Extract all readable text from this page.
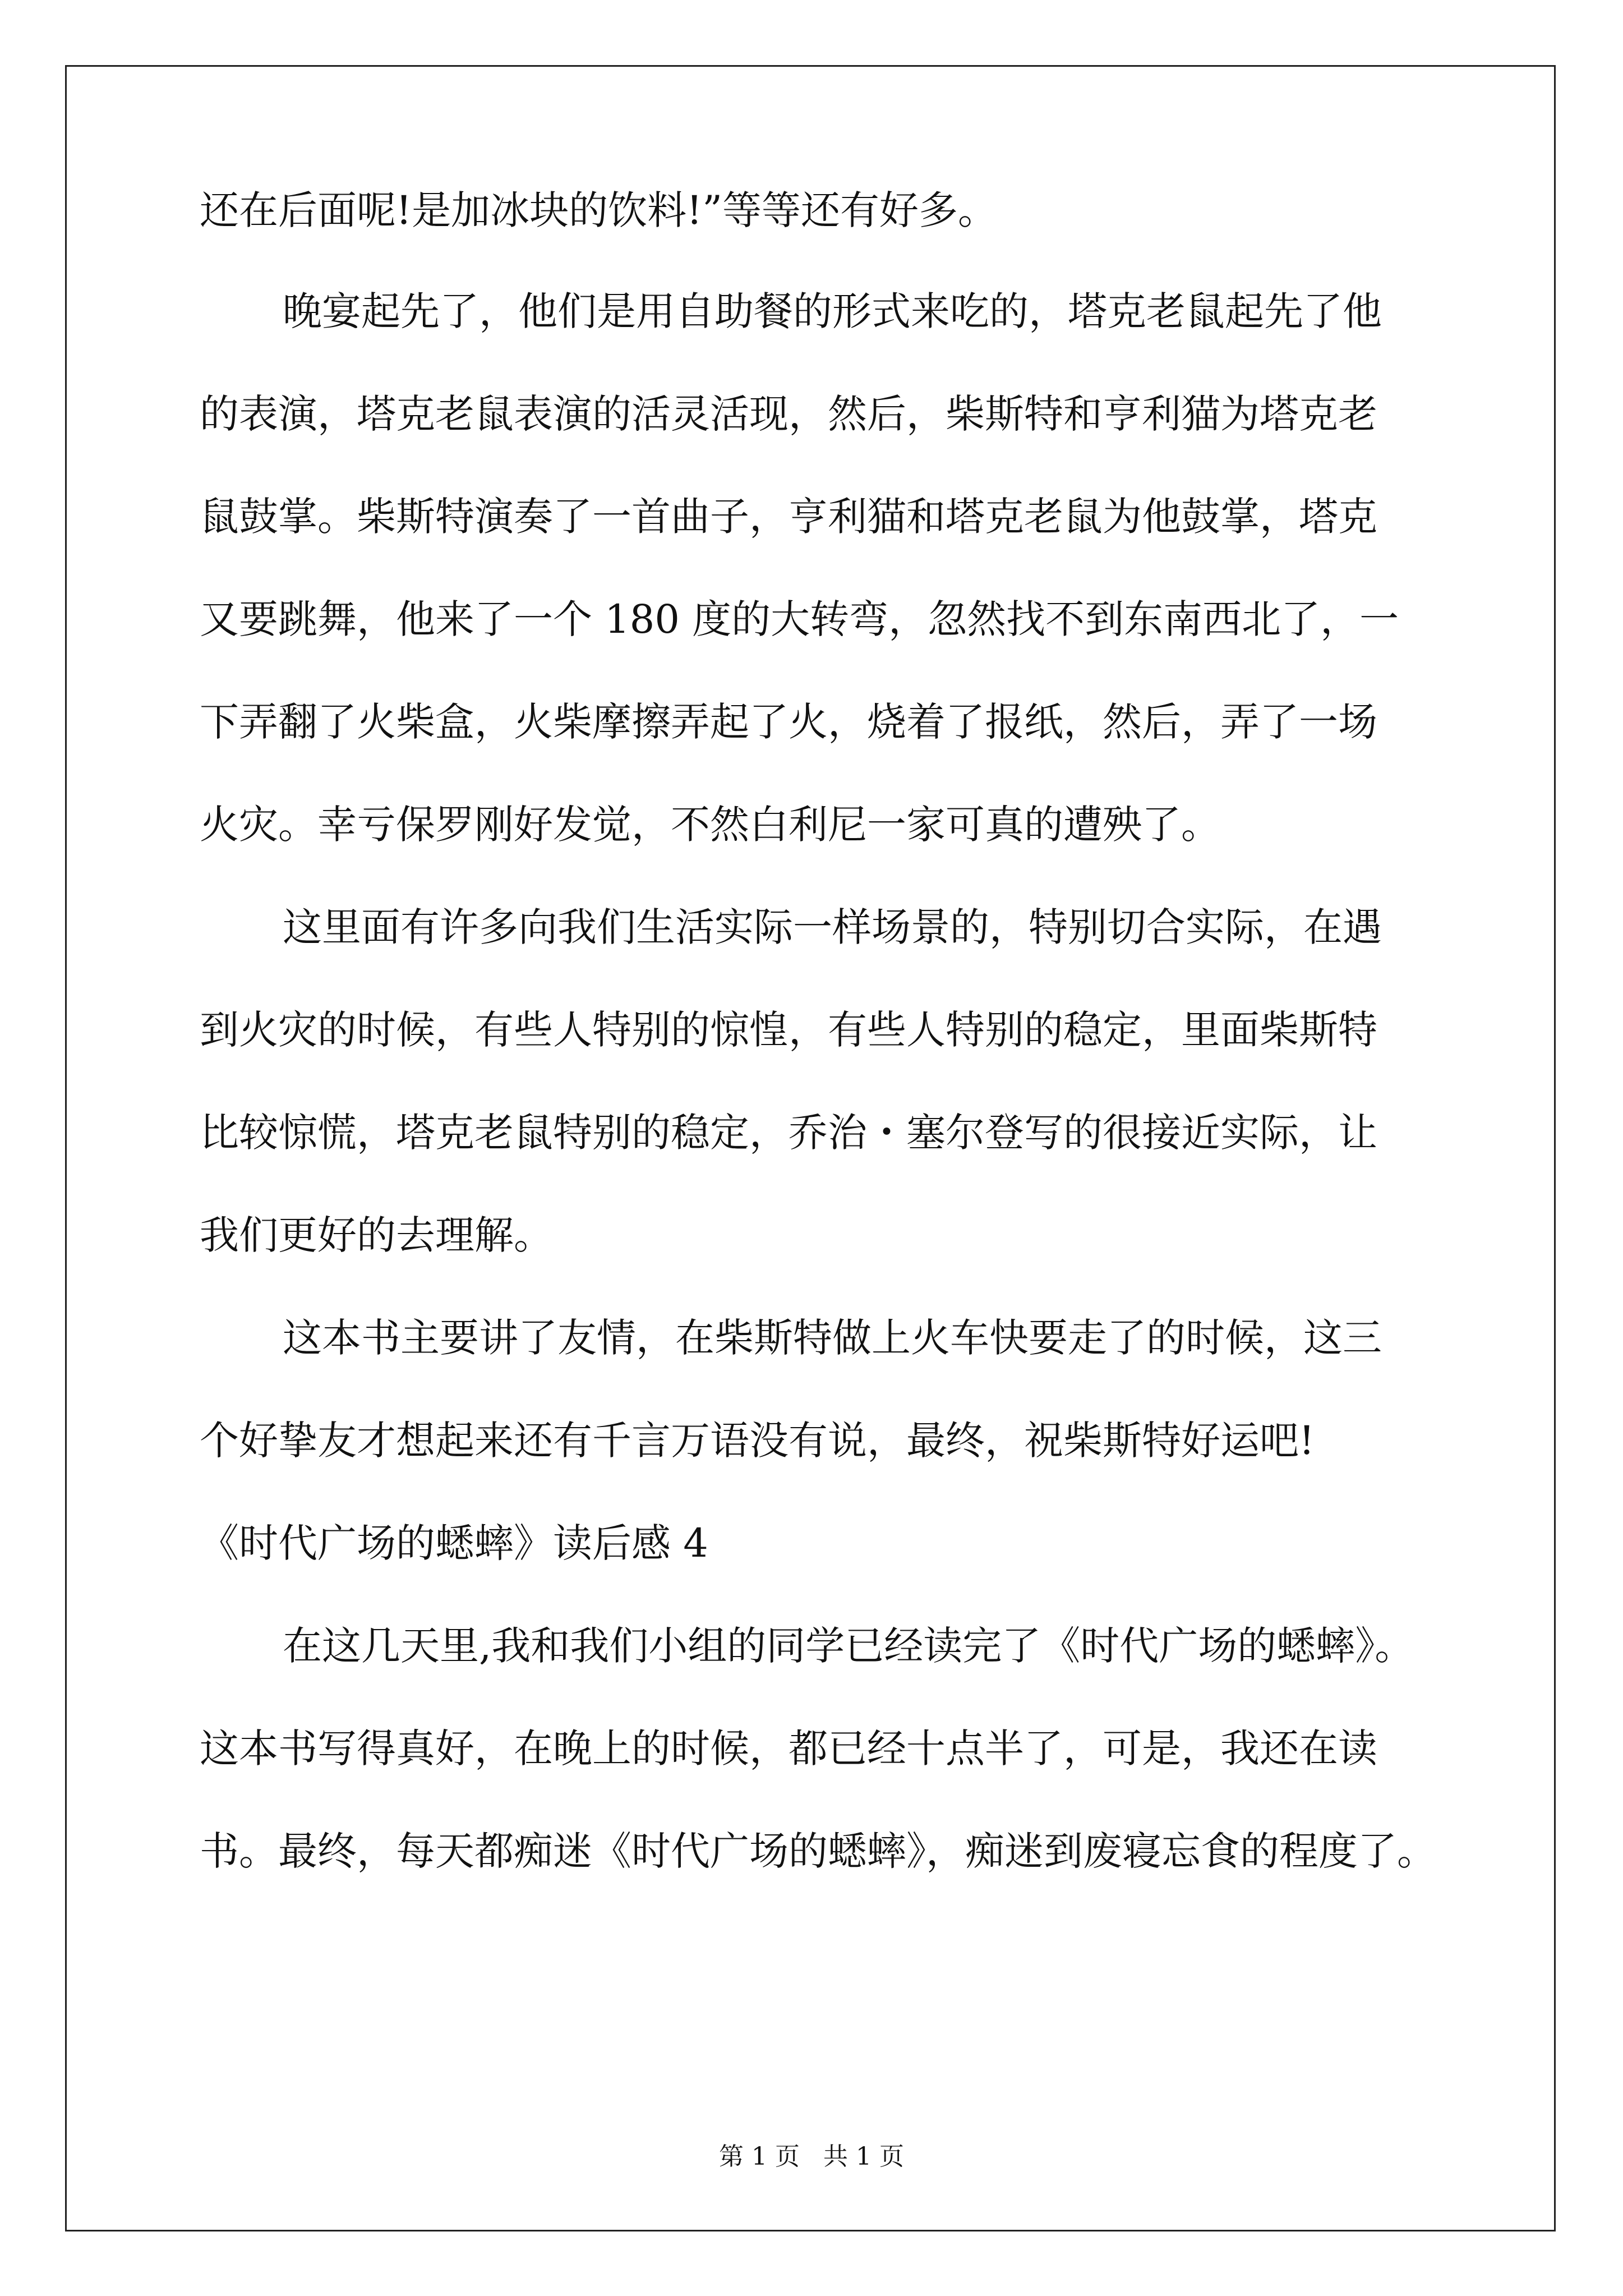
还在后面呢!是加冰块的饮料!”等等还有好多。
晚宴起先了，他们是用自助餐的形式来吃的，塔克老鼠起先了他
的表演，塔克老鼠表演的活灵活现，然后，柴斯特和亨利猫为塔克老
鼠鼓掌。柴斯特演奏了一首曲子，亨利猫和塔克老鼠为他鼓掌，塔克
又要跳舞，他来了一个 180 度的大转弯，忽然找不到东南西北了，一
下弄翻了火柴盒，火柴摩擦弄起了火，烧着了报纸，然后，弄了一场
火灾。幸亏保罗刚好发觉，不然白利尼一家可真的遭殃了。
这里面有许多向我们生活实际一样场景的，特别切合实际，在遇
到火灾的时候，有些人特别的惊惶，有些人特别的稳定，里面柴斯特
比较惊慌，塔克老鼠特别的稳定，乔治・塞尔登写的很接近实际，让
我们更好的去理解。
这本书主要讲了友情，在柴斯特做上火车快要走了的时候，这三
个好挚友才想起来还有千言万语没有说，最终，祝柴斯特好运吧!
《时代广场的蟋蟀》读后感 4
在这几天里,我和我们小组的同学已经读完了《时代广场的蟋蟀》。
这本书写得真好，在晚上的时候，都已经十点半了，可是，我还在读
书。最终，每天都痴迷《时代广场的蟋蟀》，痴迷到废寝忘食的程度了。
第 1 页   共 1 页
